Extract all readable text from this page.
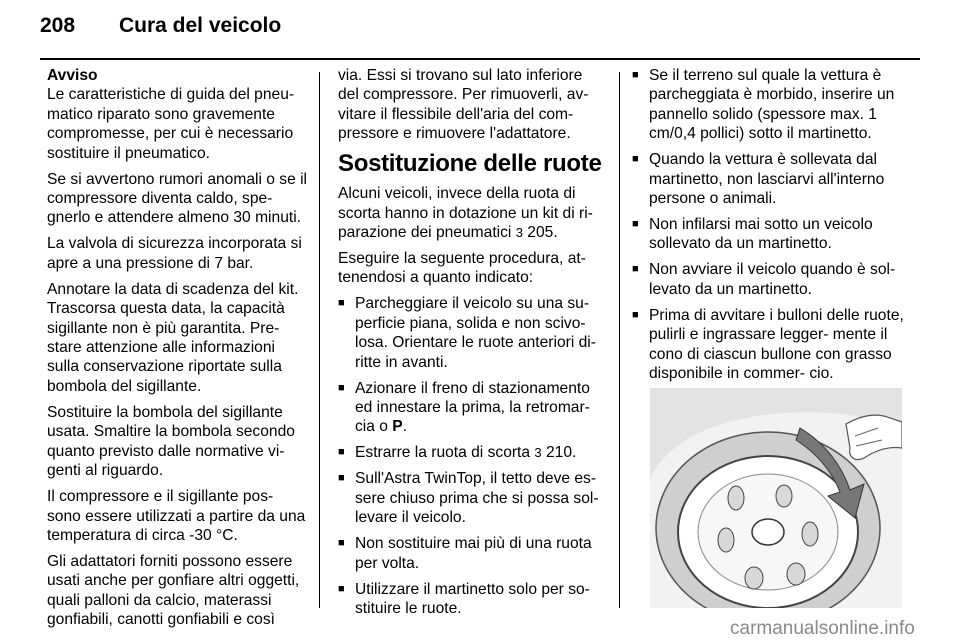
208 Cura del veicolo

Avviso
Le caratteristiche di guida del pneu- matico riparato sono gravemente compromesse, per cui è necessario sostituire il pneumatico.

Se si avvertono rumori anomali o se il compressore diventa caldo, spe- gnerlo e attendere almeno 30 minuti.

La valvola di sicurezza incorporata si apre a una pressione di 7 bar.

Annotare la data di scadenza del kit. Trascorsa questa data, la capacità sigillante non è più garantita. Pre- stare attenzione alle informazioni sulla conservazione riportate sulla bombola del sigillante.

Sostituire la bombola del sigillante usata. Smaltire la bombola secondo quanto previsto dalle normative vi- genti al riguardo.

Il compressore e il sigillante pos- sono essere utilizzati a partire da una temperatura di circa -30 °C.

Gli adattatori forniti possono essere usati anche per gonfiare altri oggetti, quali palloni da calcio, materassi gonfiabili, canotti gonfiabili e così

via. Essi si trovano sul lato inferiore del compressore. Per rimuoverli, av- vitare il flessibile dell'aria del com- pressore e rimuovere l'adattatore.

Sostituzione delle ruote

Alcuni veicoli, invece della ruota di scorta hanno in dotazione un kit di ri- parazione dei pneumatici 3 205.

Eseguire la seguente procedura, at- tenendosi a quanto indicato:

■ Parcheggiare il veicolo su una su- perficie piana, solida e non scivo- losa. Orientare le ruote anteriori di- ritte in avanti.
■ Azionare il freno di stazionamento ed innestare la prima, la retromar- cia o P.
■ Estrarre la ruota di scorta 3 210.
■ Sull'Astra TwinTop, il tetto deve es- sere chiuso prima che si possa sol- levare il veicolo.
■ Non sostituire mai più di una ruota per volta.
■ Utilizzare il martinetto solo per so- stituire le ruote.
■ Se il terreno sul quale la vettura è parcheggiata è morbido, inserire un pannello solido (spessore max. 1 cm/0,4 pollici) sotto il martinetto.
■ Quando la vettura è sollevata dal martinetto, non lasciarvi all'interno persone o animali.
■ Non infilarsi mai sotto un veicolo sollevato da un martinetto.
■ Non avviare il veicolo quando è sol- levato da un martinetto.
■ Prima di avvitare i bulloni delle ruote, pulirli e ingrassare legger- mente il cono di ciascun bullone con grasso disponibile in commer- cio.
carmanualsonline.info
